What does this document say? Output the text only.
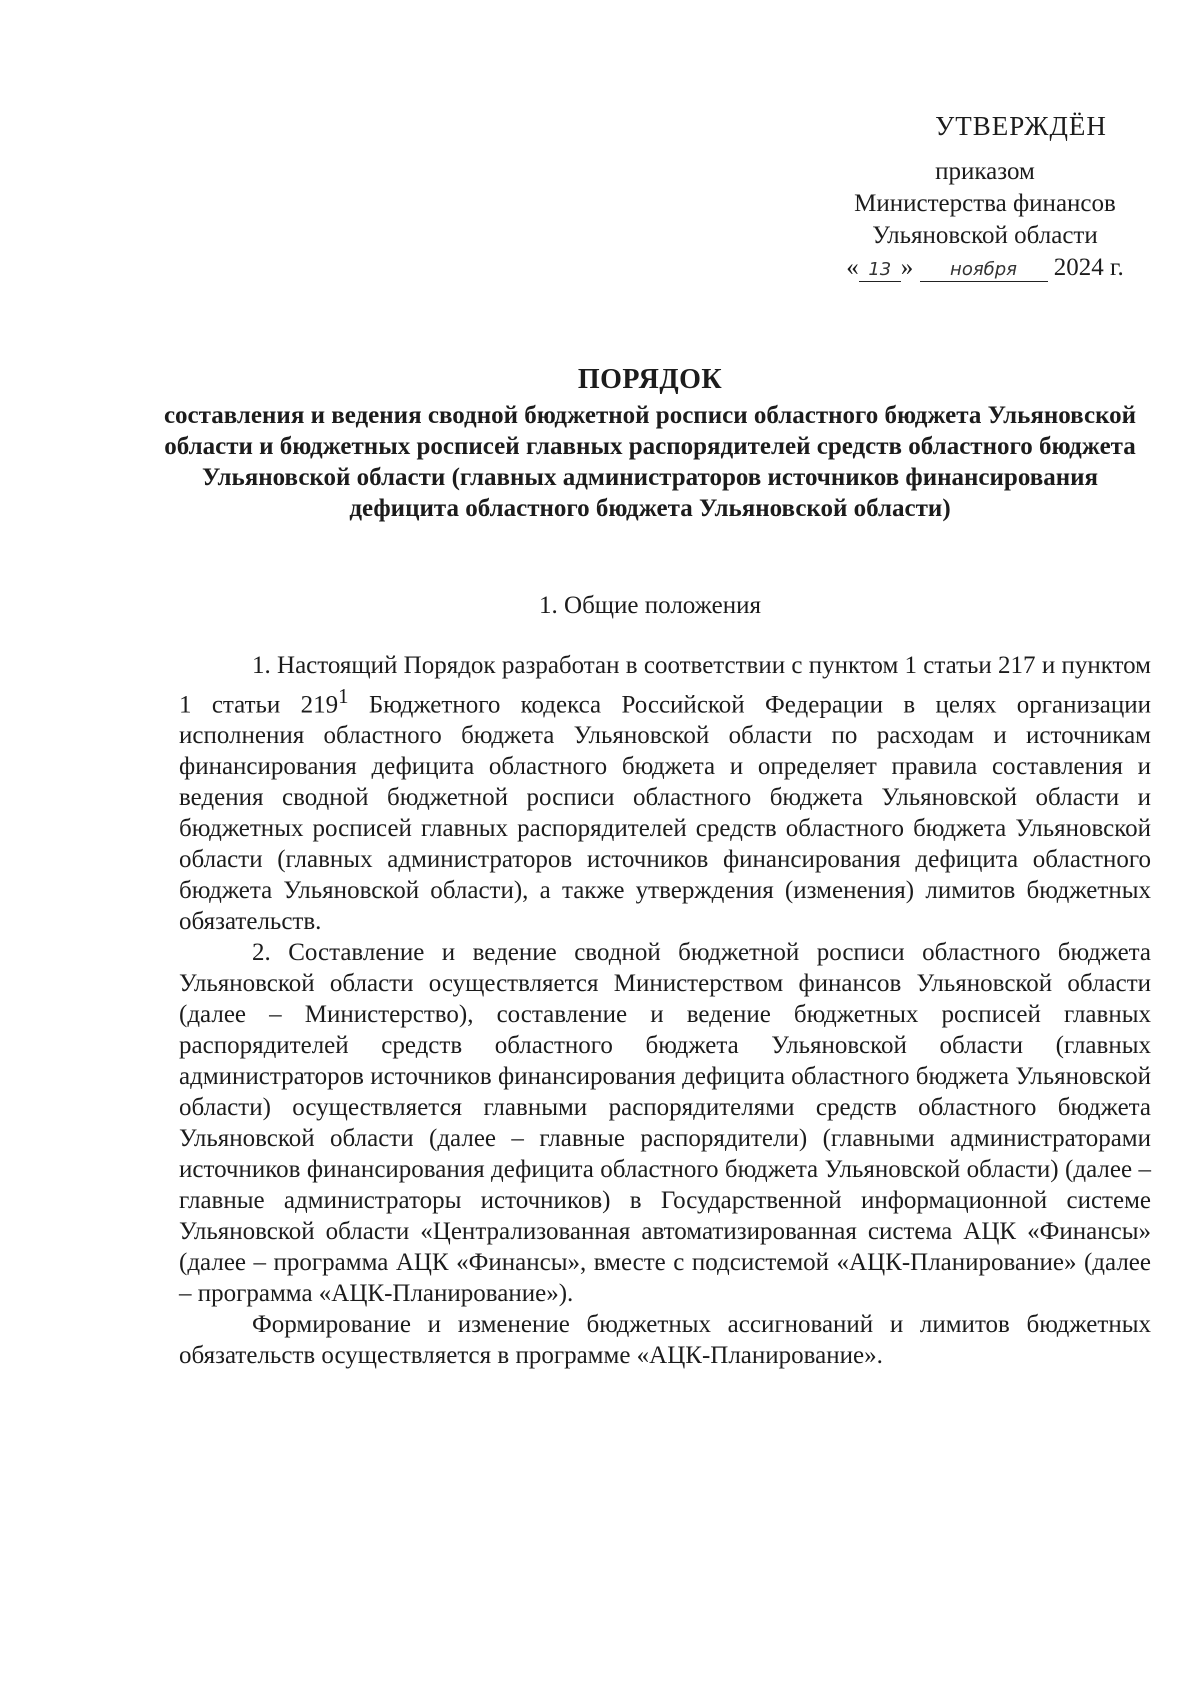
УТВЕРЖДЁН
приказом
Министерства финансов
Ульяновской области
« 13 » ноября 2024 г.
ПОРЯДОК
составления и ведения сводной бюджетной росписи областного бюджета Ульяновской области и бюджетных росписей главных распорядителей средств областного бюджета Ульяновской области (главных администраторов источников финансирования дефицита областного бюджета Ульяновской области)
1. Общие положения

1. Настоящий Порядок разработан в соответствии с пунктом 1 статьи 217 и пунктом 1 статьи $219^1$ Бюджетного кодекса Российской Федерации в целях организации исполнения областного бюджета Ульяновской области по расходам и источникам финансирования дефицита областного бюджета и определяет правила составления и ведения сводной бюджетной росписи областного бюджета Ульяновской области и бюджетных росписей главных распорядителей средств областного бюджета Ульяновской области (главных администраторов источников финансирования дефицита областного бюджета Ульяновской области), а также утверждения (изменения) лимитов бюджетных обязательств.

2. Составление и ведение сводной бюджетной росписи областного бюджета Ульяновской области осуществляется Министерством финансов Ульяновской области (далее – Министерство), составление и ведение бюджетных росписей главных распорядителей средств областного бюджета Ульяновской области (главных администраторов источников финансирования дефицита областного бюджета Ульяновской области) осуществляется главными распорядителями средств областного бюджета Ульяновской области (далее – главные распорядители) (главными администраторами источников финансирования дефицита областного бюджета Ульяновской области) (далее – главные администраторы источников) в Государственной информационной системе Ульяновской области «Централизованная автоматизированная система АЦК «Финансы» (далее – программа АЦК «Финансы», вместе с подсистемой «АЦК-Планирование» (далее – программа «АЦК-Планирование»).

Формирование и изменение бюджетных ассигнований и лимитов бюджетных обязательств осуществляется в программе «АЦК-Планирование».
